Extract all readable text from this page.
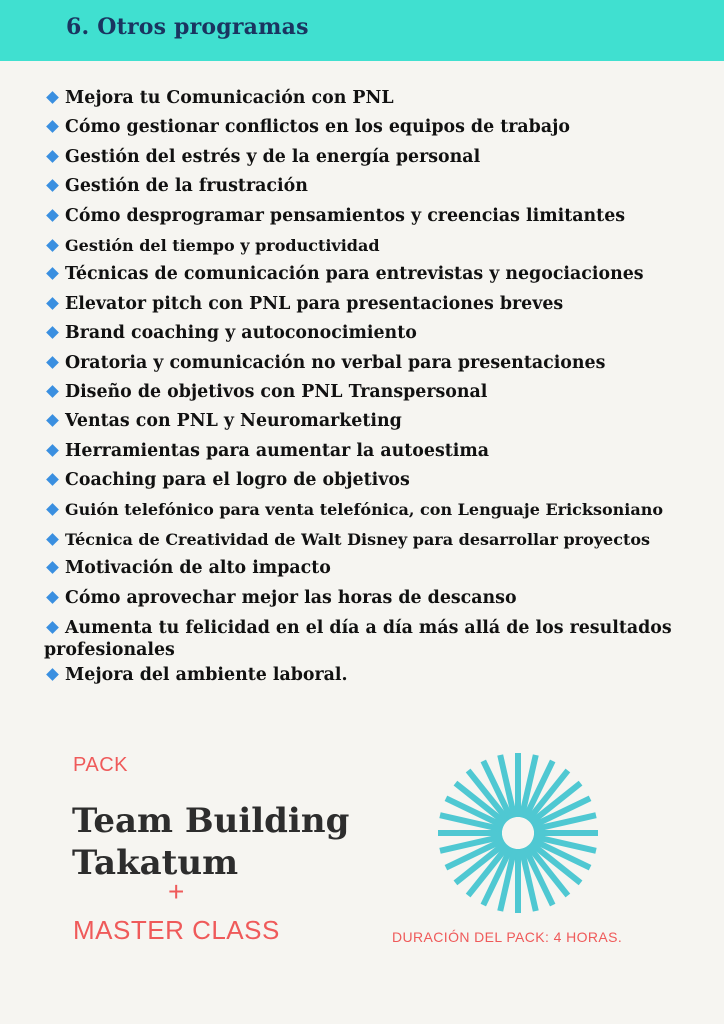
6. Otros programas
Mejora tu Comunicación con PNL
Cómo gestionar conflictos en los equipos de trabajo
Gestión del estrés y de la energía personal
Gestión de la frustración
Cómo desprogramar pensamientos y creencias limitantes
Gestión del tiempo y productividad
Técnicas de comunicación para entrevistas y negociaciones
Elevator pitch con PNL para presentaciones breves
Brand coaching y autoconocimiento
Oratoria y comunicación no verbal para presentaciones
Diseño de objetivos con PNL Transpersonal
Ventas con PNL y Neuromarketing
Herramientas para aumentar la autoestima
Coaching para el logro de objetivos
Guión telefónico para venta telefónica, con Lenguaje Ericksoniano
Técnica de Creatividad de Walt Disney para desarrollar proyectos
Motivación de alto impacto
Cómo aprovechar mejor las horas de descanso
Aumenta tu felicidad en el día a día más allá de los resultados profesionales
Mejora del ambiente laboral.
PACK
Team Building
Takatum
+
MASTER CLASS	DURACIÓN DEL PACK: 4 HORAS.
